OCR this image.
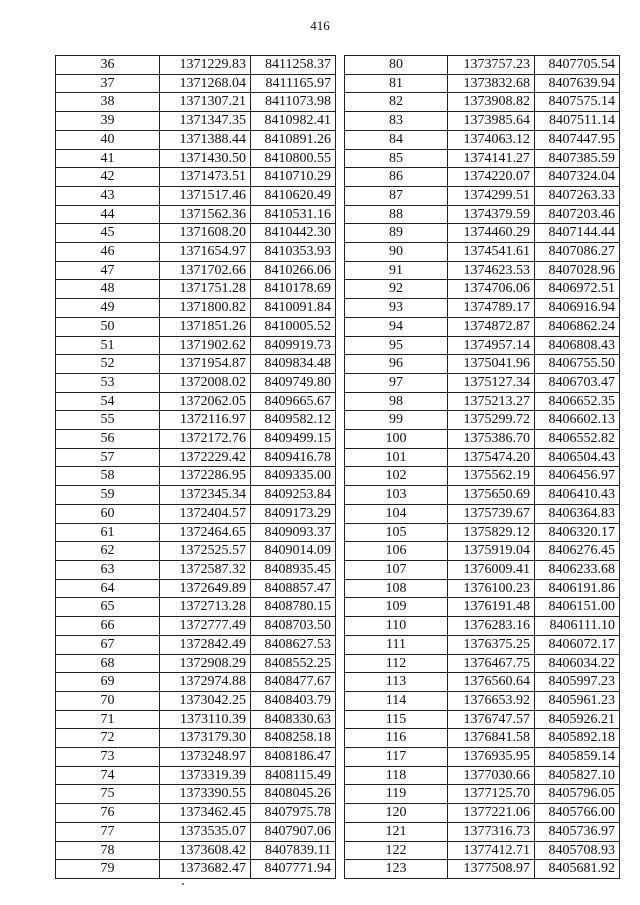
416
36	1371229.83	8411258.37
37	1371268.04	8411165.97
38	1371307.21	8411073.98
39	1371347.35	8410982.41
40	1371388.44	8410891.26
41	1371430.50	8410800.55
42	1371473.51	8410710.29
43	1371517.46	8410620.49
44	1371562.36	8410531.16
45	1371608.20	8410442.30
46	1371654.97	8410353.93
47	1371702.66	8410266.06
48	1371751.28	8410178.69
49	1371800.82	8410091.84
50	1371851.26	8410005.52
51	1371902.62	8409919.73
52	1371954.87	8409834.48
53	1372008.02	8409749.80
54	1372062.05	8409665.67
55	1372116.97	8409582.12
56	1372172.76	8409499.15
57	1372229.42	8409416.78
58	1372286.95	8409335.00
59	1372345.34	8409253.84
60	1372404.57	8409173.29
61	1372464.65	8409093.37
62	1372525.57	8409014.09
63	1372587.32	8408935.45
64	1372649.89	8408857.47
65	1372713.28	8408780.15
66	1372777.49	8408703.50
67	1372842.49	8408627.53
68	1372908.29	8408552.25
69	1372974.88	8408477.67
70	1373042.25	8408403.79
71	1373110.39	8408330.63
72	1373179.30	8408258.18
73	1373248.97	8408186.47
74	1373319.39	8408115.49
75	1373390.55	8408045.26
76	1373462.45	8407975.78
77	1373535.07	8407907.06
78	1373608.42	8407839.11
79	1373682.47	8407771.94
80	1373757.23	8407705.54
81	1373832.68	8407639.94
82	1373908.82	8407575.14
83	1373985.64	8407511.14
84	1374063.12	8407447.95
85	1374141.27	8407385.59
86	1374220.07	8407324.04
87	1374299.51	8407263.33
88	1374379.59	8407203.46
89	1374460.29	8407144.44
90	1374541.61	8407086.27
91	1374623.53	8407028.96
92	1374706.06	8406972.51
93	1374789.17	8406916.94
94	1374872.87	8406862.24
95	1374957.14	8406808.43
96	1375041.96	8406755.50
97	1375127.34	8406703.47
98	1375213.27	8406652.35
99	1375299.72	8406602.13
100	1375386.70	8406552.82
101	1375474.20	8406504.43
102	1375562.19	8406456.97
103	1375650.69	8406410.43
104	1375739.67	8406364.83
105	1375829.12	8406320.17
106	1375919.04	8406276.45
107	1376009.41	8406233.68
108	1376100.23	8406191.86
109	1376191.48	8406151.00
110	1376283.16	8406111.10
111	1376375.25	8406072.17
112	1376467.75	8406034.22
113	1376560.64	8405997.23
114	1376653.92	8405961.23
115	1376747.57	8405926.21
116	1376841.58	8405892.18
117	1376935.95	8405859.14
118	1377030.66	8405827.10
119	1377125.70	8405796.05
120	1377221.06	8405766.00
121	1377316.73	8405736.97
122	1377412.71	8405708.93
123	1377508.97	8405681.92
